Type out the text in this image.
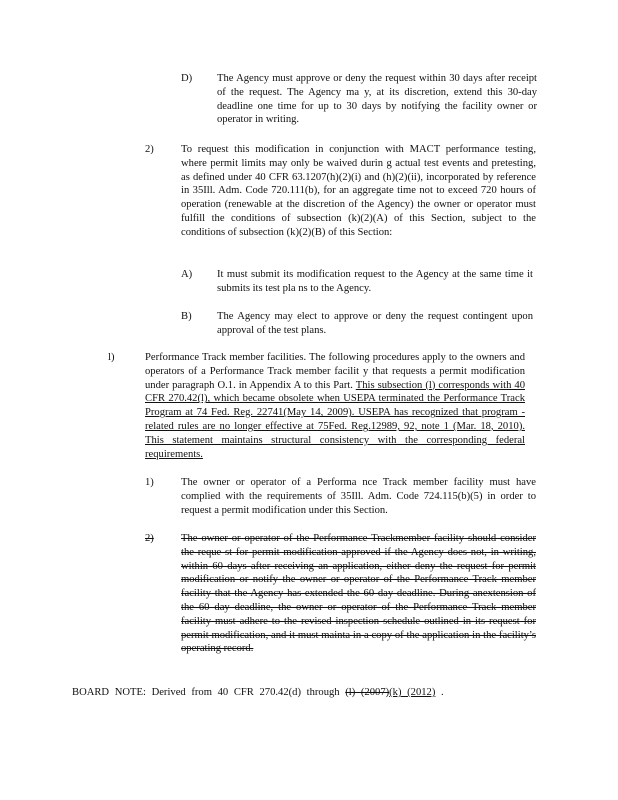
D) The Agency must approve or deny the request within 30 days after receipt of the request. The Agency ma y, at its discretion, extend this 30-day deadline one time for up to 30 days by notifying the facility owner or operator in writing.
2)	To request this modification in conjunction with MACT performance testing, where permit limits may only be waived durin g actual test events and pretesting, as defined under 40 CFR 63.1207(h)(2)(i) and (h)(2)(ii), incorporated by reference in 35Ill. Adm. Code 720.111(b), for an aggregate time not to exceed 720 hours of operation (renewable at the discretion of the Agency) the owner or operator must fulfill the conditions of subsection (k)(2)(A) of this Section, subject to the conditions of subsection (k)(2)(B) of this Section:
A) It must submit its modification request to the Agency at the same time it submits its test pla ns to the Agency.
B) The Agency may elect to approve or deny the request contingent upon approval of the test plans.
l)	Performance Track member facilities. The following procedures apply to the owners and operators of a Performance Track member facilit y that requests a permit modification under paragraph O.1. in Appendix A to this Part. This subsection (l) corresponds with 40 CFR 270.42(l), which became obsolete when USEPA terminated the Performance Track Program at 74 Fed. Reg. 22741(May 14, 2009). USEPA has recognized that program -related rules are no longer effective at 75Fed. Reg.12989, 92, note 1 (Mar. 18, 2010). This statement maintains structural consistency with the corresponding federal requirements.
1)	The owner or operator of a Performa nce Track member facility must have complied with the requirements of 35Ill. Adm. Code 724.115(b)(5) in order to request a permit modification under this Section.
2)	The owner or operator of the Performance Trackmember facility should consider the reque st for permit modification approved if the Agency does not, in writing, within 60 days after receiving an application, either deny the request for permit modification or notify the owner or operator of the Performance Track member facility that the Agency has extended the 60 day deadline. During anextension of the 60 day deadline, the owner or operator of the Performance Track member facility must adhere to the revised inspection schedule outlined in its request for permit modification, and it must mainta in a copy of the application in the facility’s operating record.
BOARD NOTE: Derived from 40 CFR 270.42(d) through (l) (2007)(k) (2012) .
